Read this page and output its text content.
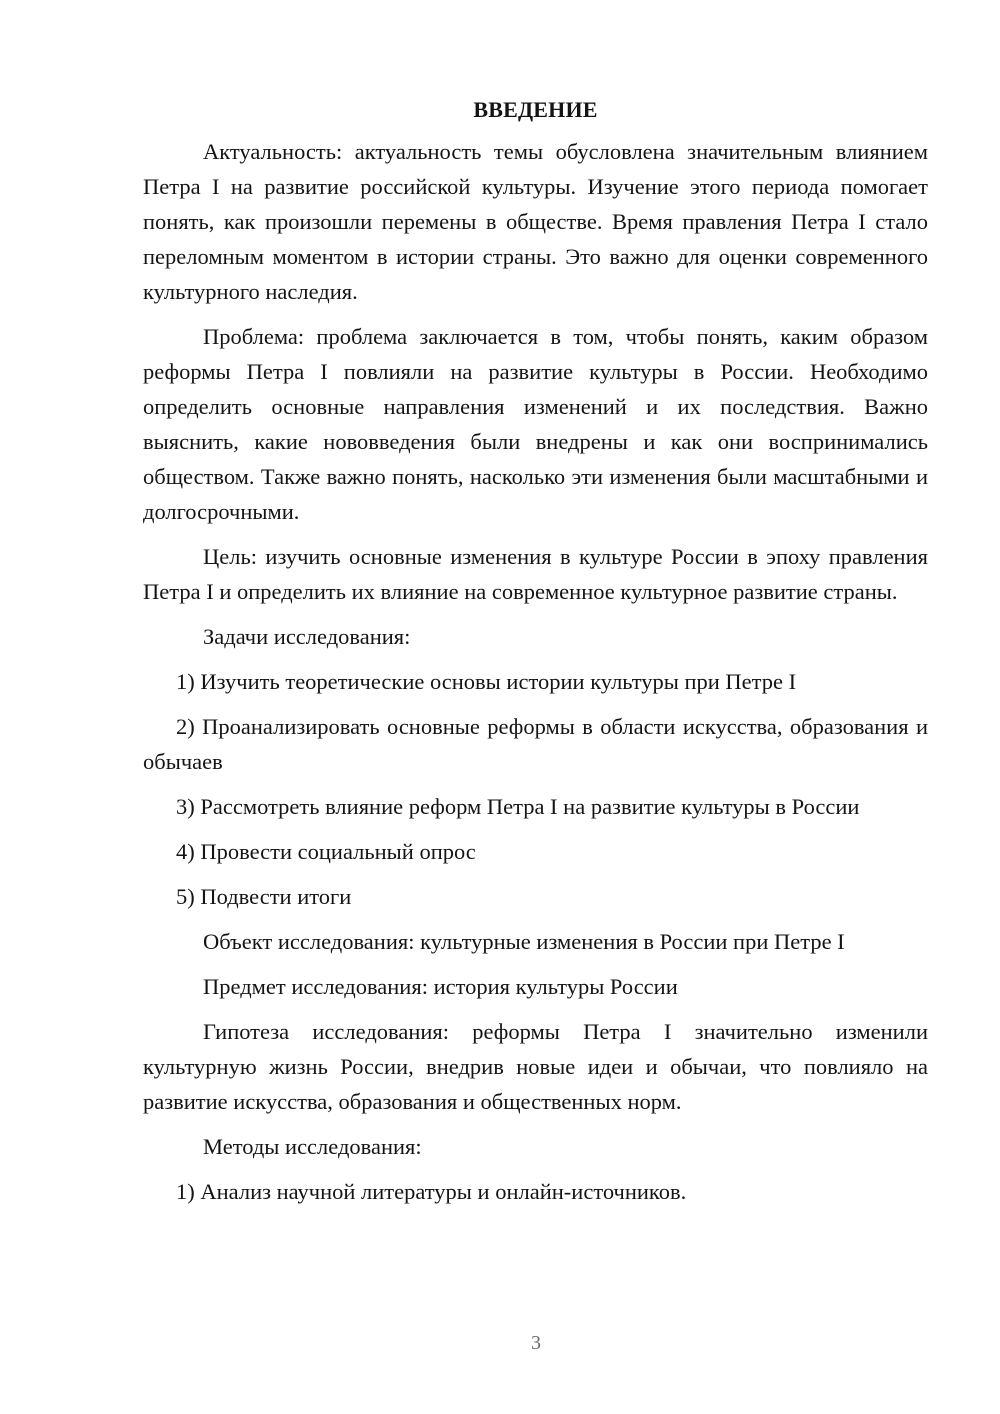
ВВЕДЕНИЕ
Актуальность: актуальность темы обусловлена значительным влиянием Петра I на развитие российской культуры. Изучение этого периода помогает понять, как произошли перемены в обществе. Время правления Петра I стало переломным моментом в истории страны. Это важно для оценки современного культурного наследия.
Проблема: проблема заключается в том, чтобы понять, каким образом реформы Петра I повлияли на развитие культуры в России. Необходимо определить основные направления изменений и их последствия. Важно выяснить, какие нововведения были внедрены и как они воспринимались обществом. Также важно понять, насколько эти изменения были масштабными и долгосрочными.
Цель: изучить основные изменения в культуре России в эпоху правления Петра I и определить их влияние на современное культурное развитие страны.
Задачи исследования:
1) Изучить теоретические основы истории культуры при Петре I
2) Проанализировать основные реформы в области искусства, образования и обычаев
3) Рассмотреть влияние реформ Петра I на развитие культуры в России
4) Провести социальный опрос
5) Подвести итоги
Объект исследования: культурные изменения в России при Петре I
Предмет исследования: история культуры России
Гипотеза исследования: реформы Петра I значительно изменили культурную жизнь России, внедрив новые идеи и обычаи, что повлияло на развитие искусства, образования и общественных норм.
Методы исследования:
1) Анализ научной литературы и онлайн-источников.
3
